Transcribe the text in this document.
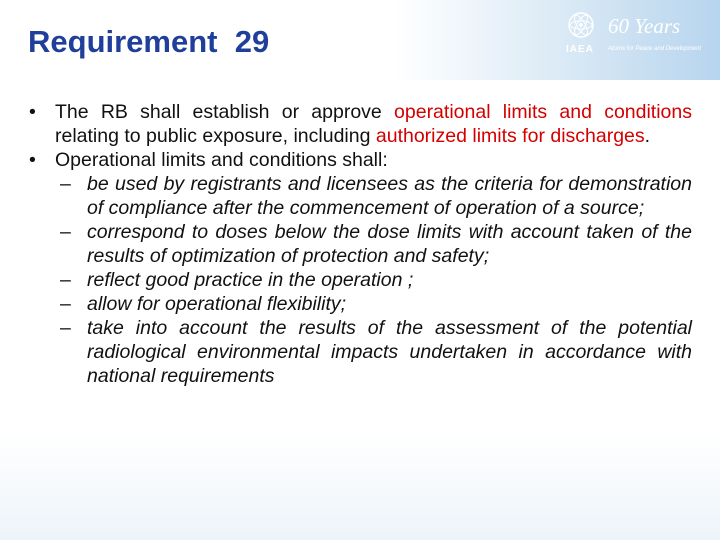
Requirement  29	IAEA
60 Years
Atoms for Peace and Development

• The RB shall establish or approve operational limits and conditions relating to public exposure, including authorized limits for discharges.

• Operational limits and conditions shall:

– be used by registrants and licensees as the criteria for demonstration of compliance after the commencement of operation of a source;

– correspond to doses below the dose limits with account taken of the results of optimization of protection and safety;

– reflect good practice in the operation ;

– allow for operational flexibility;

– take into account the results of the assessment of the potential radiological environmental impacts undertaken in accordance with national requirements
